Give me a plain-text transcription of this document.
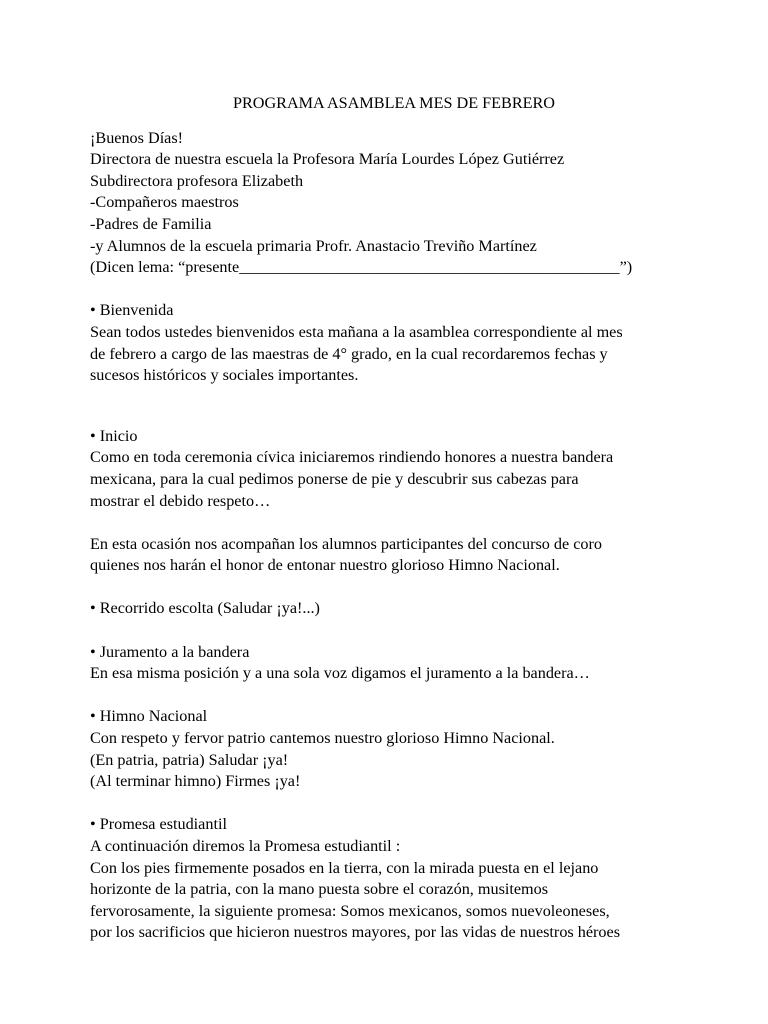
PROGRAMA ASAMBLEA MES DE FEBRERO
¡Buenos Días!
Directora de nuestra escuela la Profesora María Lourdes López Gutiérrez
Subdirectora profesora Elizabeth
-Compañeros maestros
-Padres de Familia
-y Alumnos de la escuela primaria Profr. Anastacio Treviño Martínez
(Dicen lema: “presente_______________________________________________”)
• Bienvenida
Sean todos ustedes bienvenidos esta mañana a la asamblea correspondiente al mes
de febrero a cargo de las maestras de 4° grado, en la cual recordaremos fechas y
sucesos históricos y sociales importantes.
• Inicio
Como en toda ceremonia cívica iniciaremos rindiendo honores a nuestra bandera
mexicana, para la cual pedimos ponerse de pie y descubrir sus cabezas para
mostrar el debido respeto…
En esta ocasión nos acompañan los alumnos participantes del concurso de coro
quienes nos harán el honor de entonar nuestro glorioso Himno Nacional.
• Recorrido escolta (Saludar ¡ya!...)
• Juramento a la bandera
En esa misma posición y a una sola voz digamos el juramento a la bandera…
• Himno Nacional
Con respeto y fervor patrio cantemos nuestro glorioso Himno Nacional.
(En patria, patria) Saludar ¡ya!
(Al terminar himno) Firmes ¡ya!
• Promesa estudiantil
A continuación diremos la Promesa estudiantil :
Con los pies firmemente posados en la tierra, con la mirada puesta en el lejano
horizonte de la patria, con la mano puesta sobre el corazón, musitemos
fervorosamente, la siguiente promesa: Somos mexicanos, somos nuevoleoneses,
por los sacrificios que hicieron nuestros mayores, por las vidas de nuestros héroes
